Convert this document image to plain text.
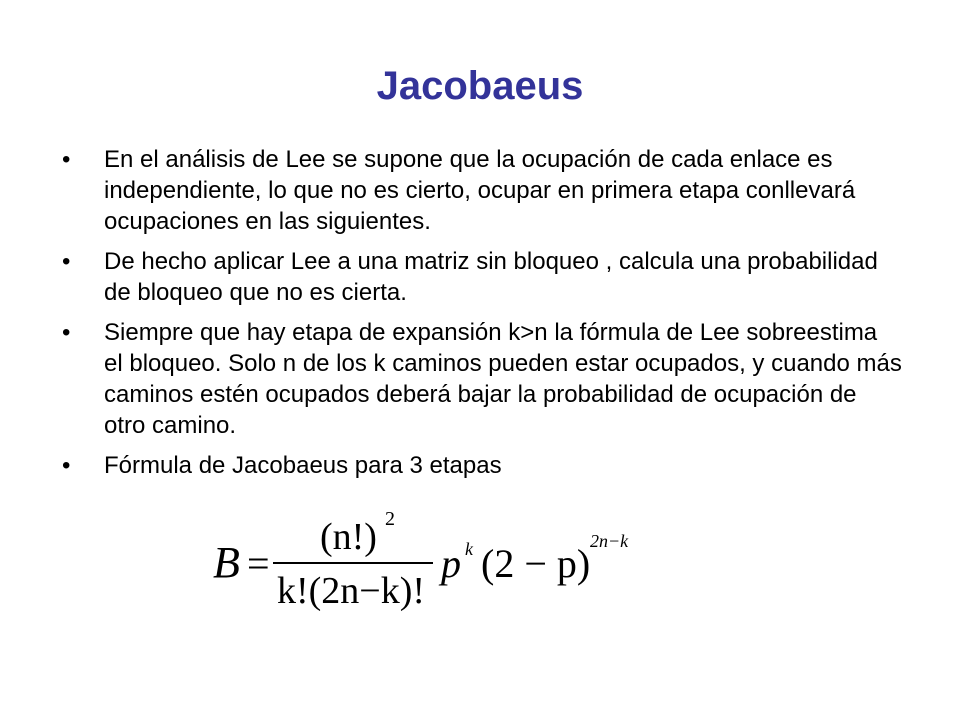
Jacobaeus
•	En el análisis de Lee se supone que la ocupación de cada enlace es independiente, lo que no es cierto, ocupar en primera etapa conllevará ocupaciones en las siguientes.
•	De hecho aplicar Lee a una matriz sin bloqueo , calcula una probabilidad de bloqueo que no es cierta.
•	Siempre que hay etapa de expansión k>n la fórmula de Lee sobreestima el bloqueo. Solo n de los k caminos pueden estar ocupados, y cuando más caminos estén ocupados deberá bajar la probabilidad de ocupación de otro camino.
•	Fórmula de Jacobaeus para 3 etapas
B =
(n!) 2
k!(2n−k)!
p k (2 − p) 2n−k
